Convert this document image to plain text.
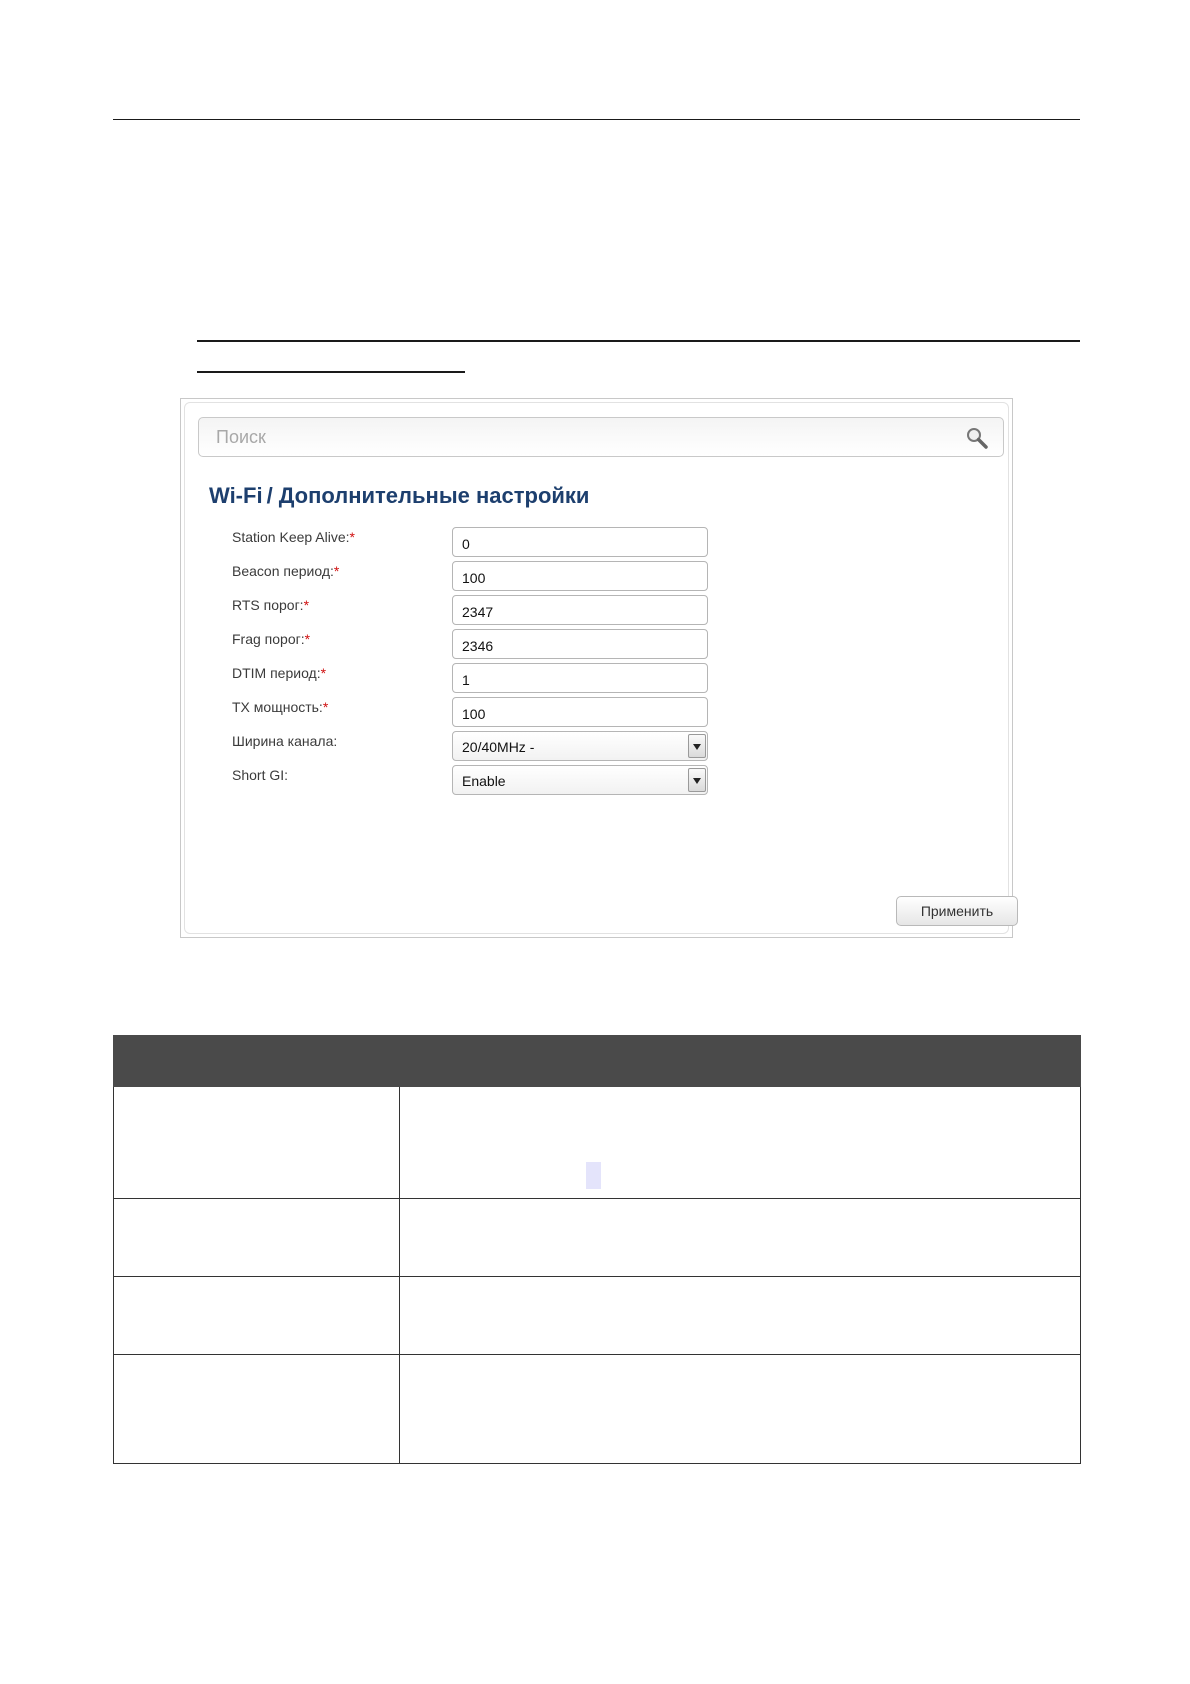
Поиск
Wi-Fi / Дополнительные настройки
Station Keep Alive:*
0
Beacon период:*
100
RTS порог:*
2347
Frag порог:*
2346
DTIM период:*
1
TX мощность:*
100
Ширина канала:	20/40MHz -
Short GI:	Enable
Применить
